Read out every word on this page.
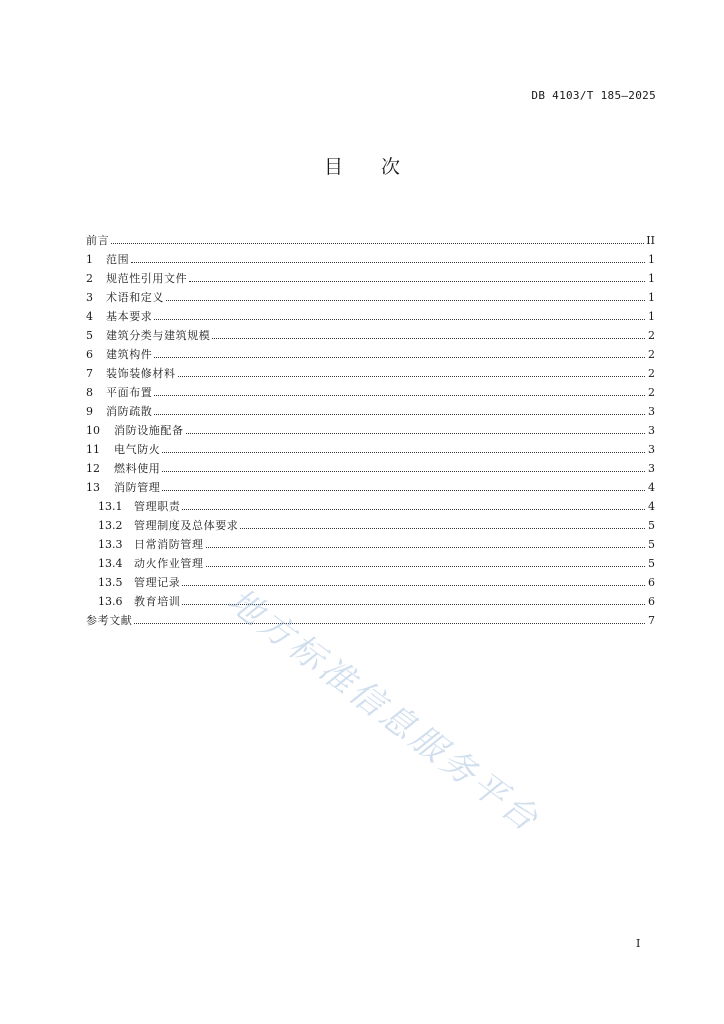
DB 4103/T 185—2025
目 次
前言	II
1	范围	1
2	规范性引用文件	1
3	术语和定义	1
4	基本要求	1
5	建筑分类与建筑规模	2
6	建筑构件	2
7	装饰装修材料	2
8	平面布置	2
9	消防疏散	3
10	消防设施配备	3
11	电气防火	3
12	燃料使用	3
13	消防管理	4
13.1	管理职责	4
13.2	管理制度及总体要求	5
13.3	日常消防管理	5
13.4	动火作业管理	5
13.5	管理记录	6
13.6	教育培训	6
参考文献	7
地方标准信息服务平台
I
